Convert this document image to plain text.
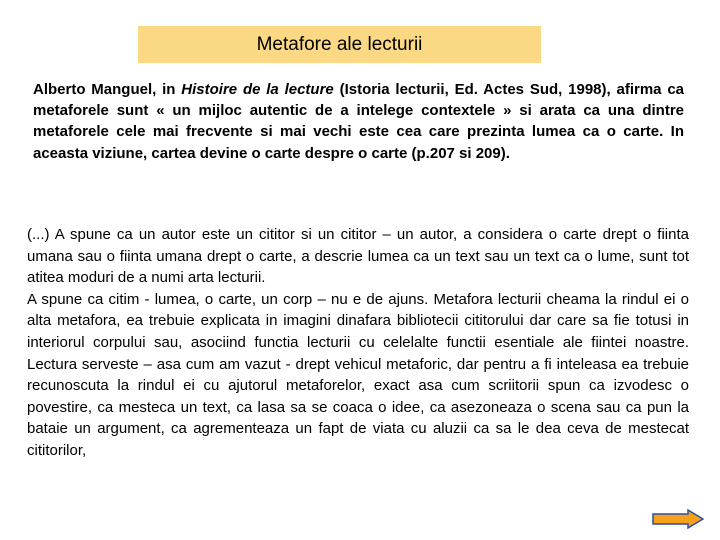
Metafore ale lecturii
Alberto Manguel, in Histoire de la lecture (Istoria lecturii, Ed. Actes Sud, 1998), afirma ca metaforele sunt « un mijloc autentic de a intelege contextele » si arata ca una dintre metaforele cele mai frecvente si mai vechi este cea care prezinta lumea ca o carte. In aceasta viziune, cartea devine o carte despre o carte (p.207 si 209).

(...) A spune ca un autor este un cititor si un cititor – un autor, a considera o carte drept o fiinta umana sau o fiinta umana drept o carte, a descrie lumea ca un text sau un text ca o lume, sunt tot atitea moduri de a numi arta lecturii.

A spune ca citim - lumea, o carte, un corp – nu e de ajuns. Metafora lecturii cheama la rindul ei o alta metafora, ea trebuie explicata in imagini dinafara bibliotecii cititorului dar care sa fie totusi in interiorul corpului sau, asociind functia lecturii cu celelalte functii esentiale ale fiintei noastre. Lectura serveste – asa cum am vazut - drept vehicul metaforic, dar pentru a fi inteleasa ea trebuie recunoscuta la rindul ei cu ajutorul metaforelor, exact asa cum scriitorii spun ca izvodesc o povestire, ca mesteca un text, ca lasa sa se coaca o idee, ca asezoneaza o scena sau ca pun la bataie un argument, ca agrementeaza un fapt de viata cu aluzii ca sa le dea ceva de mestecat cititorilor,
